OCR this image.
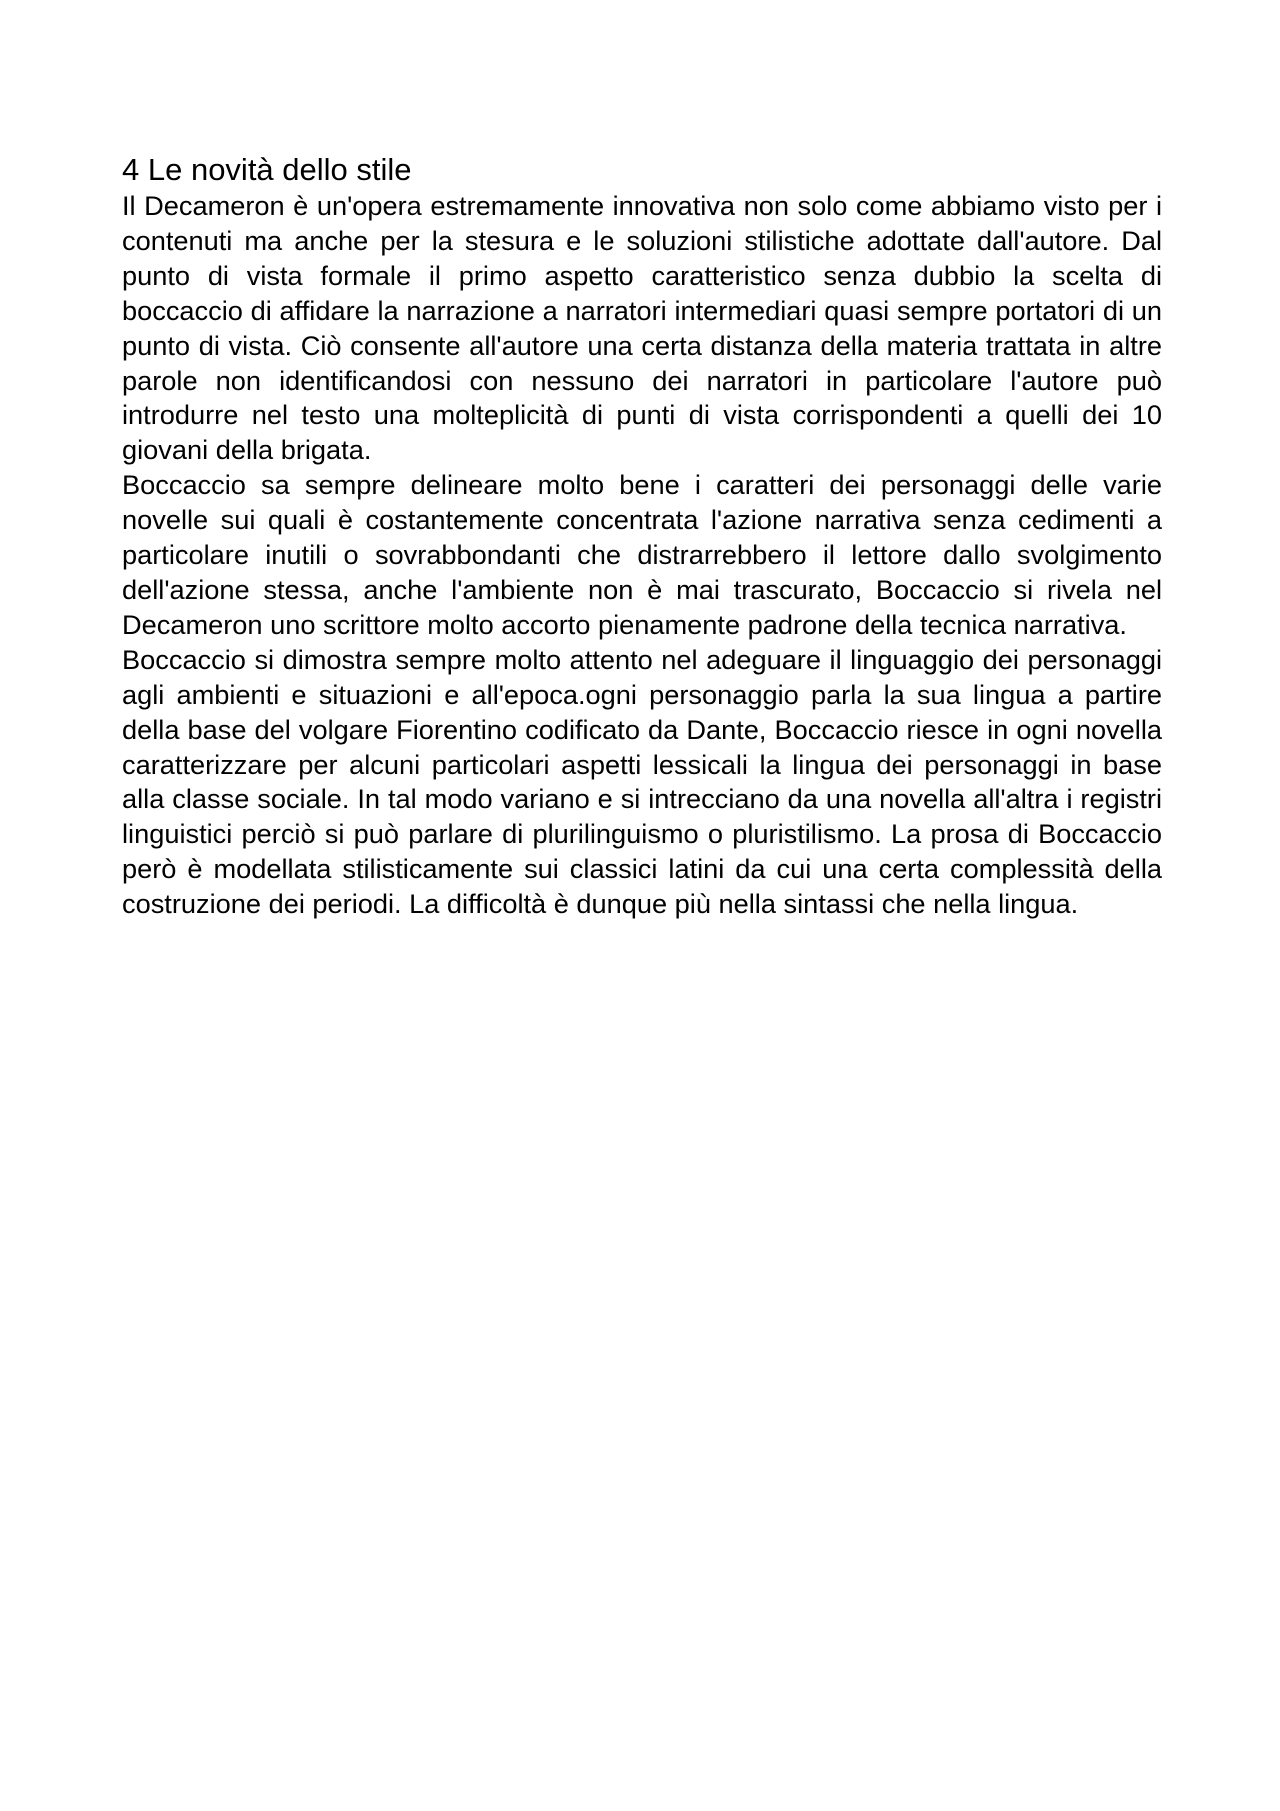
4 Le novità dello stile

Il Decameron è un'opera estremamente innovativa non solo come abbiamo visto per i contenuti ma anche per la stesura e le soluzioni stilistiche adottate dall'autore. Dal punto di vista formale il primo aspetto caratteristico senza dubbio la scelta di boccaccio di affidare la narrazione a narratori intermediari quasi sempre portatori di un punto di vista. Ciò consente all'autore una certa distanza della materia trattata in altre parole non identificandosi con nessuno dei narratori in particolare l'autore può introdurre nel testo una molteplicità di punti di vista corrispondenti a quelli dei 10 giovani della brigata.

Boccaccio sa sempre delineare molto bene i caratteri dei personaggi delle varie novelle sui quali è costantemente concentrata l'azione narrativa senza cedimenti a particolare inutili o sovrabbondanti che distrarrebbero il lettore dallo svolgimento dell'azione stessa, anche l'ambiente non è mai trascurato, Boccaccio si rivela nel Decameron uno scrittore molto accorto pienamente padrone della tecnica narrativa.

Boccaccio si dimostra sempre molto attento nel adeguare il linguaggio dei personaggi agli ambienti e situazioni e all'epoca.ogni personaggio parla la sua lingua a partire della base del volgare Fiorentino codificato da Dante, Boccaccio riesce in ogni novella caratterizzare per alcuni particolari aspetti lessicali la lingua dei personaggi in base alla classe sociale. In tal modo variano e si intrecciano da una novella all'altra i registri linguistici perciò si può parlare di plurilinguismo o pluristilismo. La prosa di Boccaccio però è modellata stilisticamente sui classici latini da cui una certa complessità della costruzione dei periodi. La difficoltà è dunque più nella sintassi che nella lingua.
